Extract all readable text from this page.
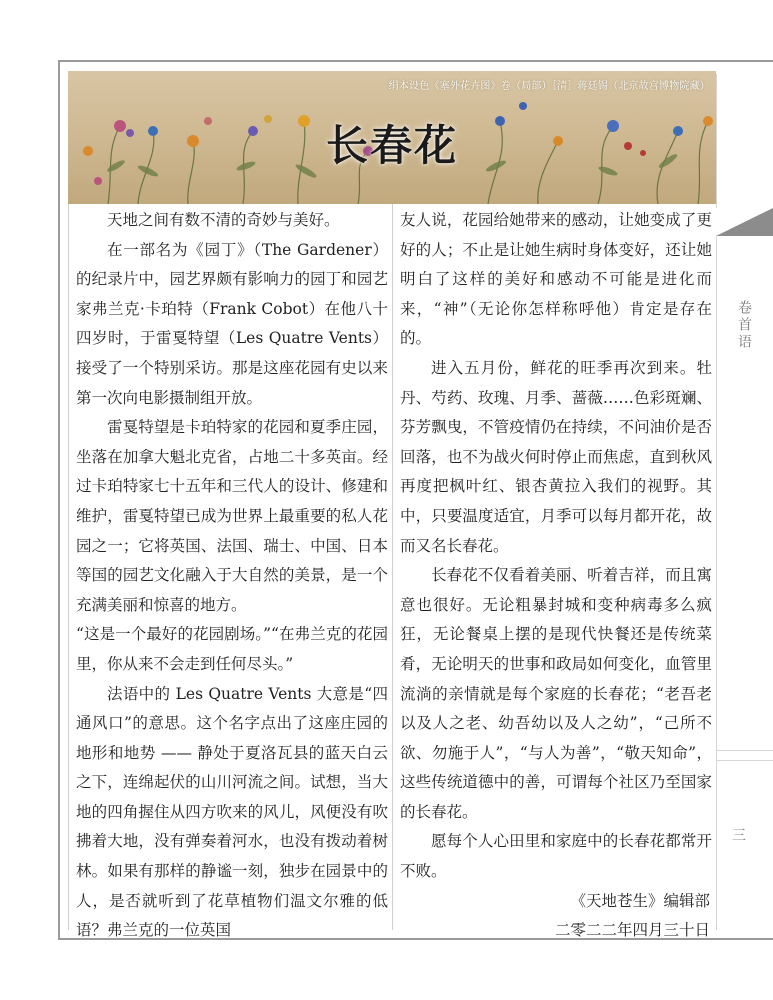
绢本设色《塞外花卉图》卷（局部）［清］蒋廷锡（北京故宫博物院藏）
长春花

天地之间有数不清的奇妙与美好。

在一部名为《园丁》（The Gardener）的纪录片中，园艺界颇有影响力的园丁和园艺家弗兰克·卡珀特（Frank Cobot）在他八十四岁时，于雷戛特望（Les Quatre Vents）接受了一个特别采访。那是这座花园有史以来第一次向电影摄制组开放。

雷戛特望是卡珀特家的花园和夏季庄园，坐落在加拿大魁北克省，占地二十多英亩。经过卡珀特家七十五年和三代人的设计、修建和维护，雷戛特望已成为世界上最重要的私人花园之一；它将英国、法国、瑞士、中国、日本等国的园艺文化融入于大自然的美景，是一个充满美丽和惊喜的地方。

“这是一个最好的花园剧场。”“在弗兰克的花园里，你从来不会走到任何尽头。”

法语中的 Les Quatre Vents 大意是“四通风口”的意思。这个名字点出了这座庄园的地形和地势 —— 静处于夏洛瓦县的蓝天白云之下，连绵起伏的山川河流之间。试想，当大地的四角握住从四方吹来的风儿，风便没有吹拂着大地，没有弹奏着河水，也没有拨动着树林。如果有那样的静谧一刻，独步在园景中的人，是否就听到了花草植物们温文尔雅的低语？弗兰克的一位英国

友人说，花园给她带来的感动，让她变成了更好的人；不止是让她生病时身体变好，还让她明白了这样的美好和感动不可能是进化而来，“神”（无论你怎样称呼他）肯定是存在的。

进入五月份，鲜花的旺季再次到来。牡丹、芍药、玫瑰、月季、蔷薇……色彩斑斓、芬芳飘曳，不管疫情仍在持续，不问油价是否回落，也不为战火何时停止而焦虑，直到秋风再度把枫叶红、银杏黄拉入我们的视野。其中，只要温度适宜，月季可以每月都开花，故而又名长春花。

长春花不仅看着美丽、听着吉祥，而且寓意也很好。无论粗暴封城和变种病毒多么疯狂，无论餐桌上摆的是现代快餐还是传统菜肴，无论明天的世事和政局如何变化，血管里流淌的亲情就是每个家庭的长春花；“老吾老以及人之老、幼吾幼以及人之幼”，“己所不欲、勿施于人”，“与人为善”，“敬天知命”，这些传统道德中的善，可谓每个社区乃至国家的长春花。

愿每个人心田里和家庭中的长春花都常开不败。

《天地苍生》编辑部

二零二二年四月三十日

卷首语
三
